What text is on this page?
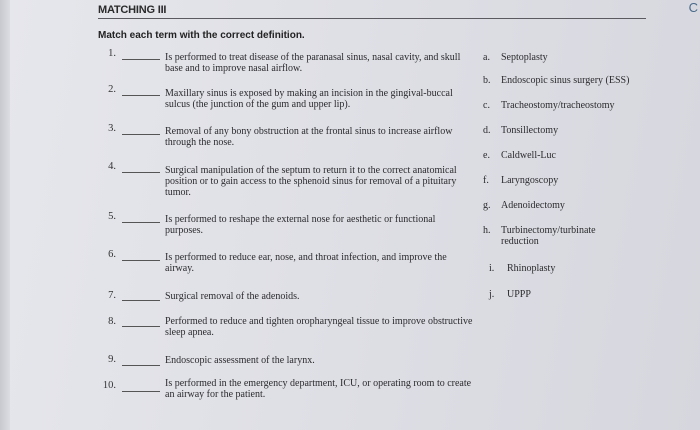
MATCHING III	C
Match each term with the correct definition.
1.	Is performed to treat disease of the paranasal sinus, nasal cavity, and skull base and to improve nasal airflow.
2.	Maxillary sinus is exposed by making an incision in the gingival-buccal sulcus (the junction of the gum and upper lip).
3.	Removal of any bony obstruction at the frontal sinus to increase airflow through the nose.
4.	Surgical manipulation of the septum to return it to the correct anatomical position or to gain access to the sphenoid sinus for removal of a pituitary tumor.
5.	Is performed to reshape the external nose for aesthetic or functional purposes.
6.	Is performed to reduce ear, nose, and throat infection, and improve the airway.
7.	Surgical removal of the adenoids.
8.	Performed to reduce and tighten oropharyngeal tissue to improve obstructive sleep apnea.
9.	Endoscopic assessment of the larynx.
10.	Is performed in the emergency department, ICU, or operating room to create an airway for the patient.
a. Septoplasty
b. Endoscopic sinus surgery (ESS)
c. Tracheostomy/tracheostomy
d. Tonsillectomy
e. Caldwell-Luc
f. Laryngoscopy
g. Adenoidectomy
h. Turbinectomy/turbinate reduction
i. Rhinoplasty
j. UPPP
